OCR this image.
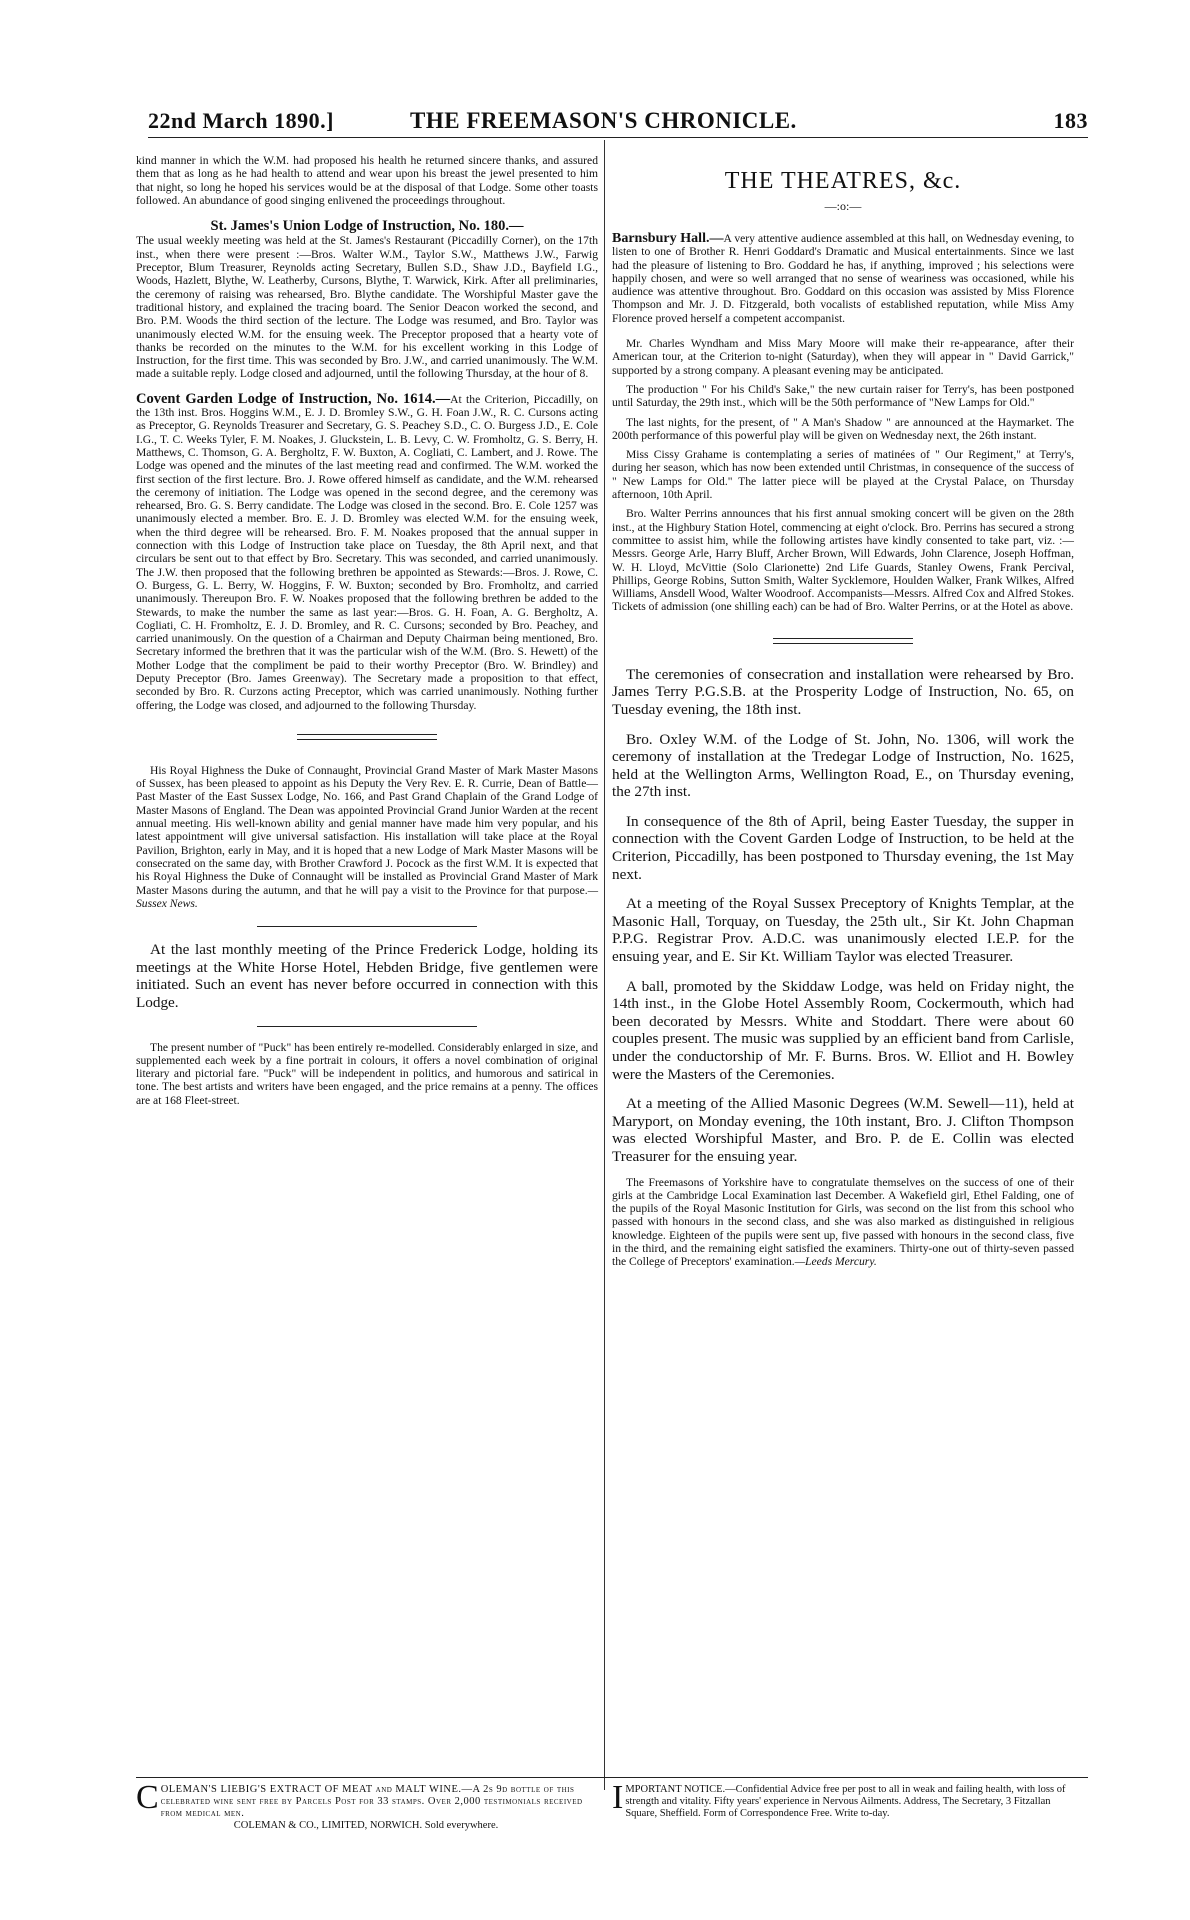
22nd March 1890.]	THE FREEMASON'S CHRONICLE.	183

kind manner in which the W.M. had proposed his health he returned sincere thanks, and assured them that as long as he had health to attend and wear upon his breast the jewel presented to him that night, so long he hoped his services would be at the disposal of that Lodge. Some other toasts followed. An abundance of good singing enlivened the proceedings throughout.

St. James's Union Lodge of Instruction, No. 180.—

The usual weekly meeting was held at the St. James's Restaurant (Piccadilly Corner), on the 17th inst., when there were present :—Bros. Walter W.M., Taylor S.W., Matthews J.W., Farwig Preceptor, Blum Treasurer, Reynolds acting Secretary, Bullen S.D., Shaw J.D., Bayfield I.G., Woods, Hazlett, Blythe, W. Leatherby, Cursons, Blythe, T. Warwick, Kirk. After all preliminaries, the ceremony of raising was rehearsed, Bro. Blythe candidate. The Worshipful Master gave the traditional history, and explained the tracing board. The Senior Deacon worked the second, and Bro. P.M. Woods the third section of the lecture. The Lodge was resumed, and Bro. Taylor was unanimously elected W.M. for the ensuing week. The Preceptor proposed that a hearty vote of thanks be recorded on the minutes to the W.M. for his excellent working in this Lodge of Instruction, for the first time. This was seconded by Bro. J.W., and carried unanimously. The W.M. made a suitable reply. Lodge closed and adjourned, until the following Thursday, at the hour of 8.

Covent Garden Lodge of Instruction, No. 1614.—At the Criterion, Piccadilly, on the 13th inst. Bros. Hoggins W.M., E. J. D. Bromley S.W., G. H. Foan J.W., R. C. Cursons acting as Preceptor, G. Reynolds Treasurer and Secretary, G. S. Peachey S.D., C. O. Burgess J.D., E. Cole I.G., T. C. Weeks Tyler, F. M. Noakes, J. Gluckstein, L. B. Levy, C. W. Fromholtz, G. S. Berry, H. Matthews, C. Thomson, G. A. Bergholtz, F. W. Buxton, A. Cogliati, C. Lambert, and J. Rowe. The Lodge was opened and the minutes of the last meeting read and confirmed. The W.M. worked the first section of the first lecture. Bro. J. Rowe offered himself as candidate, and the W.M. rehearsed the ceremony of initiation. The Lodge was opened in the second degree, and the ceremony was rehearsed, Bro. G. S. Berry candidate. The Lodge was closed in the second. Bro. E. Cole 1257 was unanimously elected a member. Bro. E. J. D. Bromley was elected W.M. for the ensuing week, when the third degree will be rehearsed. Bro. F. M. Noakes proposed that the annual supper in connection with this Lodge of Instruction take place on Tuesday, the 8th April next, and that circulars be sent out to that effect by Bro. Secretary. This was seconded, and carried unanimously. The J.W. then proposed that the following brethren be appointed as Stewards:—Bros. J. Rowe, C. O. Burgess, G. L. Berry, W. Hoggins, F. W. Buxton; seconded by Bro. Fromholtz, and carried unanimously. Thereupon Bro. F. W. Noakes proposed that the following brethren be added to the Stewards, to make the number the same as last year:—Bros. G. H. Foan, A. G. Bergholtz, A. Cogliati, C. H. Fromholtz, E. J. D. Bromley, and R. C. Cursons; seconded by Bro. Peachey, and carried unanimously. On the question of a Chairman and Deputy Chairman being mentioned, Bro. Secretary informed the brethren that it was the particular wish of the W.M. (Bro. S. Hewett) of the Mother Lodge that the compliment be paid to their worthy Preceptor (Bro. W. Brindley) and Deputy Preceptor (Bro. James Greenway). The Secretary made a proposition to that effect, seconded by Bro. R. Curzons acting Preceptor, which was carried unanimously. Nothing further offering, the Lodge was closed, and adjourned to the following Thursday.

His Royal Highness the Duke of Connaught, Provincial Grand Master of Mark Master Masons of Sussex, has been pleased to appoint as his Deputy the Very Rev. E. R. Currie, Dean of Battle—Past Master of the East Sussex Lodge, No. 166, and Past Grand Chaplain of the Grand Lodge of Master Masons of England. The Dean was appointed Provincial Grand Junior Warden at the recent annual meeting. His well-known ability and genial manner have made him very popular, and his latest appointment will give universal satisfaction. His installation will take place at the Royal Pavilion, Brighton, early in May, and it is hoped that a new Lodge of Mark Master Masons will be consecrated on the same day, with Brother Crawford J. Pocock as the first W.M. It is expected that his Royal Highness the Duke of Connaught will be installed as Provincial Grand Master of Mark Master Masons during the autumn, and that he will pay a visit to the Province for that purpose.—Sussex News.

At the last monthly meeting of the Prince Frederick Lodge, holding its meetings at the White Horse Hotel, Hebden Bridge, five gentlemen were initiated. Such an event has never before occurred in connection with this Lodge.

The present number of "Puck" has been entirely re-modelled. Considerably enlarged in size, and supplemented each week by a fine portrait in colours, it offers a novel combination of original literary and pictorial fare. "Puck" will be independent in politics, and humorous and satirical in tone. The best artists and writers have been engaged, and the price remains at a penny. The offices are at 168 Fleet-street.

THE THEATRES, &c.
—:o:—

Barnsbury Hall.—A very attentive audience assembled at this hall, on Wednesday evening, to listen to one of Brother R. Henri Goddard's Dramatic and Musical entertainments. Since we last had the pleasure of listening to Bro. Goddard he has, if anything, improved ; his selections were happily chosen, and were so well arranged that no sense of weariness was occasioned, while his audience was attentive throughout. Bro. Goddard on this occasion was assisted by Miss Florence Thompson and Mr. J. D. Fitzgerald, both vocalists of established reputation, while Miss Amy Florence proved herself a competent accompanist.

Mr. Charles Wyndham and Miss Mary Moore will make their re-appearance, after their American tour, at the Criterion to-night (Saturday), when they will appear in " David Garrick," supported by a strong company. A pleasant evening may be anticipated.

The production " For his Child's Sake," the new curtain raiser for Terry's, has been postponed until Saturday, the 29th inst., which will be the 50th performance of "New Lamps for Old."

The last nights, for the present, of " A Man's Shadow " are announced at the Haymarket. The 200th performance of this powerful play will be given on Wednesday next, the 26th instant.

Miss Cissy Grahame is contemplating a series of matinées of " Our Regiment," at Terry's, during her season, which has now been extended until Christmas, in consequence of the success of " New Lamps for Old." The latter piece will be played at the Crystal Palace, on Thursday afternoon, 10th April.

Bro. Walter Perrins announces that his first annual smoking concert will be given on the 28th inst., at the Highbury Station Hotel, commencing at eight o'clock. Bro. Perrins has secured a strong committee to assist him, while the following artistes have kindly consented to take part, viz. :—Messrs. George Arle, Harry Bluff, Archer Brown, Will Edwards, John Clarence, Joseph Hoffman, W. H. Lloyd, McVittie (Solo Clarionette) 2nd Life Guards, Stanley Owens, Frank Percival, Phillips, George Robins, Sutton Smith, Walter Sycklemore, Houlden Walker, Frank Wilkes, Alfred Williams, Ansdell Wood, Walter Woodroof. Accompanists—Messrs. Alfred Cox and Alfred Stokes. Tickets of admission (one shilling each) can be had of Bro. Walter Perrins, or at the Hotel as above.

The ceremonies of consecration and installation were rehearsed by Bro. James Terry P.G.S.B. at the Prosperity Lodge of Instruction, No. 65, on Tuesday evening, the 18th inst.

Bro. Oxley W.M. of the Lodge of St. John, No. 1306, will work the ceremony of installation at the Tredegar Lodge of Instruction, No. 1625, held at the Wellington Arms, Wellington Road, E., on Thursday evening, the 27th inst.

In consequence of the 8th of April, being Easter Tuesday, the supper in connection with the Covent Garden Lodge of Instruction, to be held at the Criterion, Piccadilly, has been postponed to Thursday evening, the 1st May next.

At a meeting of the Royal Sussex Preceptory of Knights Templar, at the Masonic Hall, Torquay, on Tuesday, the 25th ult., Sir Kt. John Chapman P.P.G. Registrar Prov. A.D.C. was unanimously elected I.E.P. for the ensuing year, and E. Sir Kt. William Taylor was elected Treasurer.

A ball, promoted by the Skiddaw Lodge, was held on Friday night, the 14th inst., in the Globe Hotel Assembly Room, Cockermouth, which had been decorated by Messrs. White and Stoddart. There were about 60 couples present. The music was supplied by an efficient band from Carlisle, under the conductorship of Mr. F. Burns. Bros. W. Elliot and H. Bowley were the Masters of the Ceremonies.

At a meeting of the Allied Masonic Degrees (W.M. Sewell—11), held at Maryport, on Monday evening, the 10th instant, Bro. J. Clifton Thompson was elected Worshipful Master, and Bro. P. de E. Collin was elected Treasurer for the ensuing year.

The Freemasons of Yorkshire have to congratulate themselves on the success of one of their girls at the Cambridge Local Examination last December. A Wakefield girl, Ethel Falding, one of the pupils of the Royal Masonic Institution for Girls, was second on the list from this school who passed with honours in the second class, and she was also marked as distinguished in religious knowledge. Eighteen of the pupils were sent up, five passed with honours in the second class, five in the third, and the remaining eight satisfied the examiners. Thirty-one out of thirty-seven passed the College of Preceptors' examination.—Leeds Mercury.

C OLEMAN'S LIEBIG'S EXTRACT OF MEAT and MALT WINE.—A 2s 9d bottle of this celebrated wine sent free by Parcels Post for 33 stamps. Over 2,000 testimonials received from medical men.
COLEMAN & CO., LIMITED, NORWICH. Sold everywhere.
I MPORTANT NOTICE.—Confidential Advice free per post to all in weak and failing health, with loss of strength and vitality. Fifty years' experience in Nervous Ailments. Address, The Secretary, 3 Fitzallan Square, Sheffield. Form of Correspondence Free. Write to-day.
